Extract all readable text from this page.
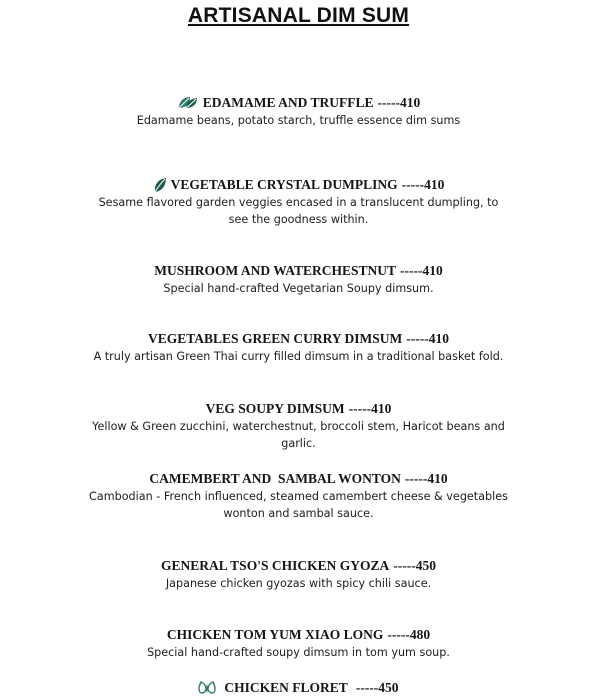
ARTISANAL DIM SUM
EDAMAME AND TRUFFLE -----410
Edamame beans, potato starch, truffle essence dim sums
VEGETABLE CRYSTAL DUMPLING -----410
Sesame flavored garden veggies encased in a translucent dumpling, to see the goodness within.
MUSHROOM AND WATERCHESTNUT -----410
Special hand-crafted Vegetarian Soupy dimsum.
VEGETABLES GREEN CURRY DIMSUM -----410
A truly artisan Green Thai curry filled dimsum in a traditional basket fold.
VEG SOUPY DIMSUM -----410
Yellow & Green zucchini, waterchestnut, broccoli stem, Haricot beans and garlic.
CAMEMBERT AND  SAMBAL WONTON -----410
Cambodian - French influenced, steamed camembert cheese & vegetables wonton and sambal sauce.
GENERAL TSO'S CHICKEN GYOZA -----450
Japanese chicken gyozas with spicy chili sauce.
CHICKEN TOM YUM XIAO LONG -----480
Special hand-crafted soupy dimsum in tom yum soup.
CHICKEN FLORET -----450
